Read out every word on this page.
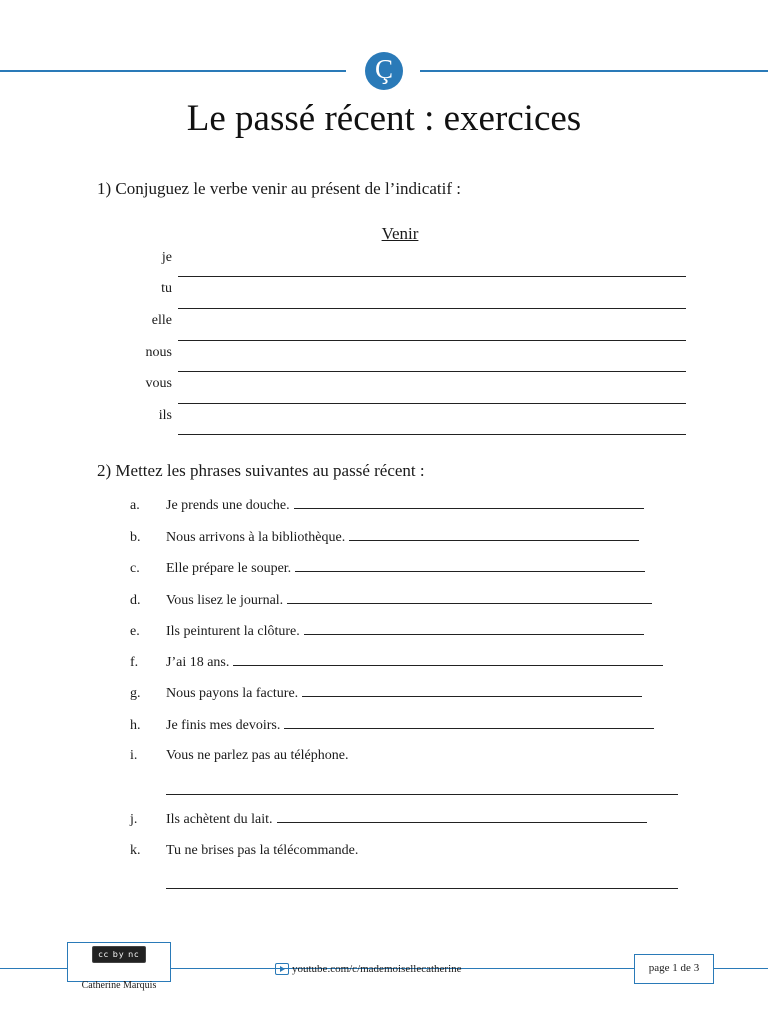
Ç
Le passé récent : exercices
1) Conjuguez le verbe venir au présent de l’indicatif :
Venir
je
tu
elle
nous
vous
ils
2) Mettez les phrases suivantes au passé récent :
a. Je prends une douche.
b. Nous arrivons à la bibliothèque.
c. Elle prépare le souper.
d. Vous lisez le journal.
e. Ils peinturent la clôture.
f. J’ai 18 ans.
g. Nous payons la facture.
h. Je finis mes devoirs.
i. Vous ne parlez pas au téléphone.
j. Ils achètent du lait.
k. Tu ne brises pas la télécommande.
cc by nc nd
Catherine Marquis
youtube.com/c/mademoisellecatherine	page 1 de 3
